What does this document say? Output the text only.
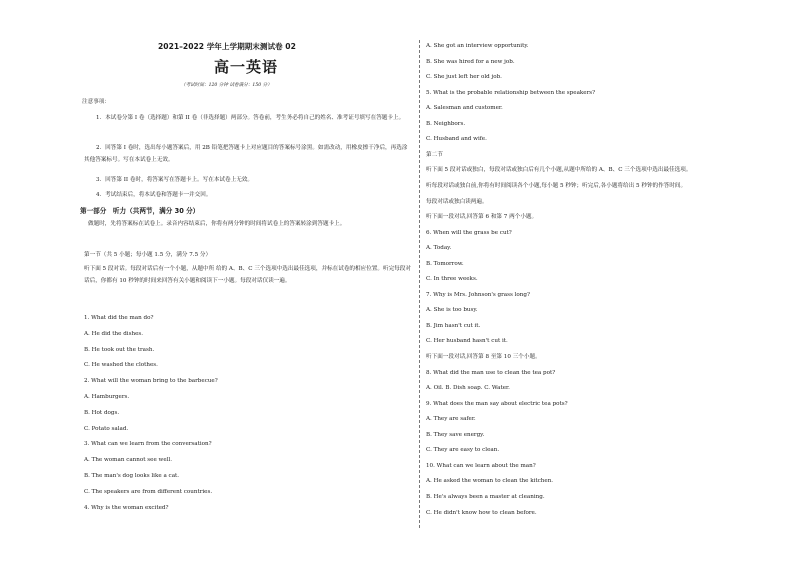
2021–2022 学年上学期期末测试卷 02
高一英语
（考试时间：120 分钟 试卷满分：150 分）
注意事项：
1．本试卷分第 I 卷（选择题）和第 II 卷（非选择题）两部分。答卷前，考生务必将自己的姓名、准考证号填写在答题卡上。
2．回答第 I 卷时，选出每小题答案后，用 2B 铅笔把答题卡上对应题目的答案标号涂黑。如需改动，用橡皮擦干净后，再选涂其他答案标号。写在本试卷上无效。
3．回答第 II 卷时，将答案写在答题卡上。写在本试卷上无效。
4．考试结束后，将本试卷和答题卡一并交回。
第一部分　听力（共两节，满分 30 分）
做题时，先将答案标在试卷上。录音内容结束后，你将有两分钟的时间将试卷上的答案转涂到答题卡上。
第一节（共 5 小题；每小题 1.5 分，满分 7.5 分）
听下面 5 段对话。每段对话后有一个小题，从题中所 给的 A、B、C 三个选项中选出最佳选项，并标在试卷的相应位置。听完每段对话后，你都有 10 秒钟的时间来回答有关小题和阅读下一小题。每段对话仅读一遍。
1. What did the man do?
A. He did the dishes.
B. He took out the trash.
C. He washed the clothes.
2. What will the woman bring to the barbecue?
A. Hamburgers.
B. Hot dogs.
C. Potato salad.
3. What can we learn from the conversation?
A. The woman cannot see well.
B. The man's dog looks like a cat.
C. The speakers are from different countries.
4. Why is the woman excited?
A. She got an interview opportunity.
B. She was hired for a new job.
C. She just left her old job.
5. What is the probable relationship between the speakers?
A. Salesman and customer.
B. Neighbors.
C. Husband and wife.
第二节
听下面 5 段对话或独白，每段对话或独白后有几个小题,从题中所给的 A、B、C 三个选项中选出最佳选项。
听每段对话或独白前,你将有时间阅读各个小题,每小题 5 秒钟；听完后,各小题将给出 5 秒钟的作答时间。
每段对话或独白读两遍。
听下面一段对话,回答第 6 和第 7 两个小题。
6. When will the grass be cut?
A. Today.
B. Tomorrow.
C. In three weeks.
7. Why is Mrs. Johnson's grass long?
A. She is too busy.
B. Jim hasn't cut it.
C. Her husband hasn't cut it.
听下面一段对话,回答第 8 至第 10 三个小题。
8. What did the man use to clean the tea pot?
A. Oil. B. Dish soap. C. Water.
9. What does the man say about electric tea pots?
A. They are safer.
B. They save energy.
C. They are easy to clean.
10. What can we learn about the man?
A. He asked the woman to clean the kitchen.
B. He's always been a master at cleaning.
C. He didn't know how to clean before.
